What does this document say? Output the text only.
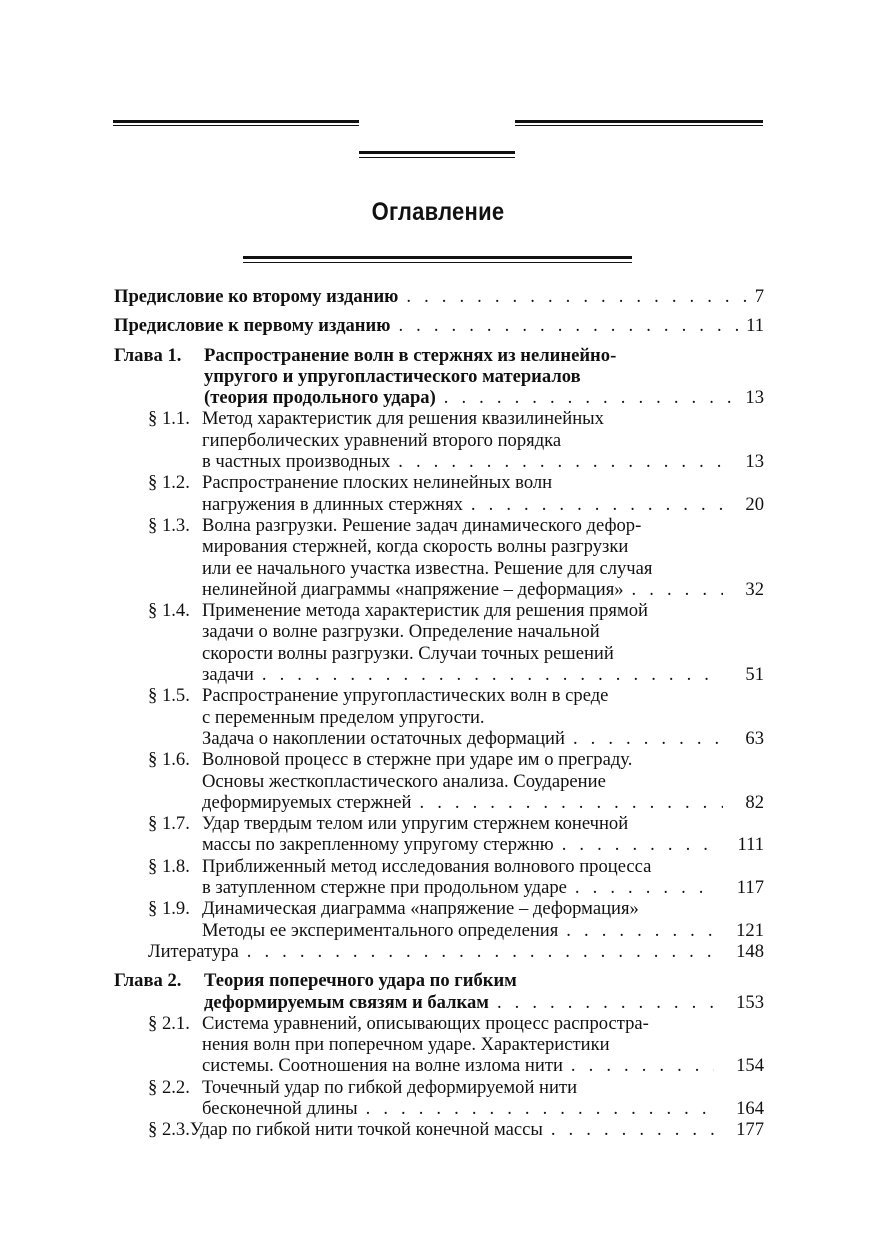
Оглавление
Предисловие ко второму изданию . . .	7
Предисловие к первому изданию . . .	11
Глава 1.	Распространение волн в стержнях из нелинейно-
упругого и упругопластического материалов
(теория продольного удара) . . .	13
§ 1.1. Метод характеристик для решения квазилинейных
гиперболических уравнений второго порядка
в частных производных . . .	13
§ 1.2. Распространение плоских нелинейных волн
нагружения в длинных стержнях . . .	20
§ 1.3. Волна разгрузки. Решение задач динамического дефор-
мирования стержней, когда скорость волны разгрузки
или ее начального участка известна. Решение для случая
нелинейной диаграммы «напряжение – деформация» . . .	32
§ 1.4. Применение метода характеристик для решения прямой
задачи о волне разгрузки. Определение начальной
скорости волны разгрузки. Случаи точных решений
задачи . . .	51
§ 1.5. Распространение упругопластических волн в среде
с переменным пределом упругости.
Задача о накоплении остаточных деформаций . . .	63
§ 1.6. Волновой процесс в стержне при ударе им о преграду.
Основы жесткопластического анализа. Соударение
деформируемых стержней . . .	82
§ 1.7. Удар твердым телом или упругим стержнем конечной
массы по закрепленному упругому стержню . . .	111
§ 1.8. Приближенный метод исследования волнового процесса
в затупленном стержне при продольном ударе . . .	117
§ 1.9. Динамическая диаграмма «напряжение – деформация»
Методы ее экспериментального определения . . .	121
Литература . . .	148
Глава 2.	Теория поперечного удара по гибким
деформируемым связям и балкам . . .	153
§ 2.1. Система уравнений, описывающих процесс распростра-
нения волн при поперечном ударе. Характеристики
системы. Соотношения на волне излома нити . . .	154
§ 2.2. Точечный удар по гибкой деформируемой нити
бесконечной длины . . .	164
§ 2.3. Удар по гибкой нити точкой конечной массы . . .	177
